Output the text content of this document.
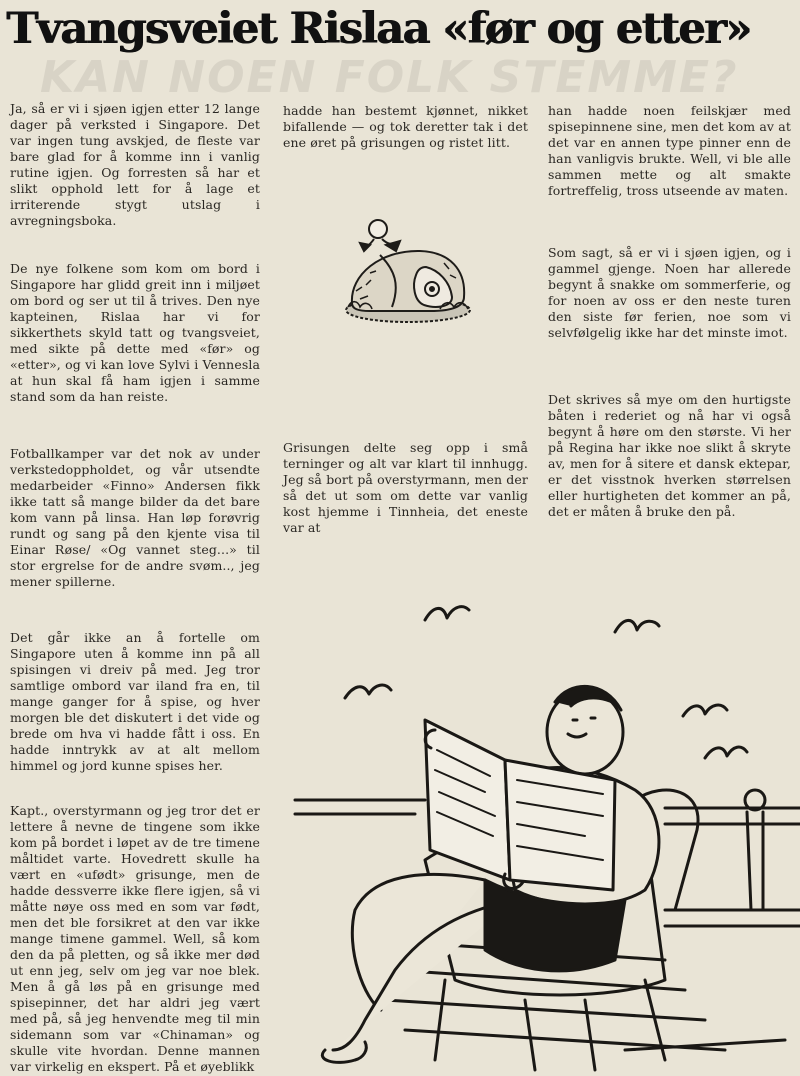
KAN NOEN FOLK STEMME?
Tvangsveiet Rislaa «før og etter»

Ja, så er vi i sjøen igjen etter 12 lange dager på verksted i Singapore. Det var ingen tung avskjed, de fleste var bare glad for å komme inn i vanlig rutine igjen. Og forresten så har et slikt opphold lett for å lage et irriterende stygt utslag i avregningsboka.

De nye folkene som kom om bord i Singapore har glidd greit inn i miljøet om bord og ser ut til å trives. Den nye kapteinen, Rislaa har vi for sikkerthets skyld tatt og tvangsveiet, med sikte på dette med «før» og «etter», og vi kan love Sylvi i Vennesla at hun skal få ham igjen i samme stand som da han reiste.

Fotballkamper var det nok av under verkstedoppholdet, og vår utsendte medarbeider «Finno» Andersen fikk ikke tatt så mange bilder da det bare kom vann på linsa. Han løp forøvrig rundt og sang på den kjente visa til Einar Røse/ «Og vannet steg...» til stor ergrelse for de andre svøm.., jeg mener spillerne.

Det går ikke an å fortelle om Singapore uten å komme inn på all spisingen vi dreiv på med. Jeg tror samtlige ombord var iland fra en, til mange ganger for å spise, og hver morgen ble det diskutert i det vide og brede om hva vi hadde fått i oss. En hadde inntrykk av at alt mellom himmel og jord kunne spises her.

Kapt., overstyrmann og jeg tror det er lettere å nevne de tingene som ikke kom på bordet i løpet av de tre timene måltidet varte. Hovedrett skulle ha vært en «ufødt» grisunge, men de hadde dessverre ikke flere igjen, så vi måtte nøye oss med en som var født, men det ble forsikret at den var ikke mange timene gammel. Well, så kom den da på pletten, og så ikke mer død ut enn jeg, selv om jeg var noe blek. Men å gå løs på en grisunge med spisepinner, det har aldri jeg vært med på, så jeg henvendte meg til min sidemann som var «Chinaman» og skulle vite hvordan. Denne mannen var virkelig en ekspert. På et øyeblikk

hadde han bestemt kjønnet, nikket bifallende — og tok deretter tak i det ene øret på grisungen og ristet litt.

Grisungen delte seg opp i små terninger og alt var klart til innhugg. Jeg så bort på overstyrmann, men der så det ut som om dette var vanlig kost hjemme i Tinnheia, det eneste var at

han hadde noen feilskjær med spisepinnene sine, men det kom av at det var en annen type pinner enn de han vanligvis brukte. Well, vi ble alle sammen mette og alt smakte fortreffelig, tross utseende av maten.

Som sagt, så er vi i sjøen igjen, og i gammel gjenge. Noen har allerede begynt å snakke om sommerferie, og for noen av oss er den neste turen den siste før ferien, noe som vi selvfølgelig ikke har det minste imot.

Det skrives så mye om den hurtigste båten i rederiet og nå har vi også begynt å høre om den største. Vi her på Regina har ikke noe slikt å skryte av, men for å sitere et dansk ektepar, er det visstnok hverken størrelsen eller hurtigheten det kommer an på, det er måten å bruke den på.
